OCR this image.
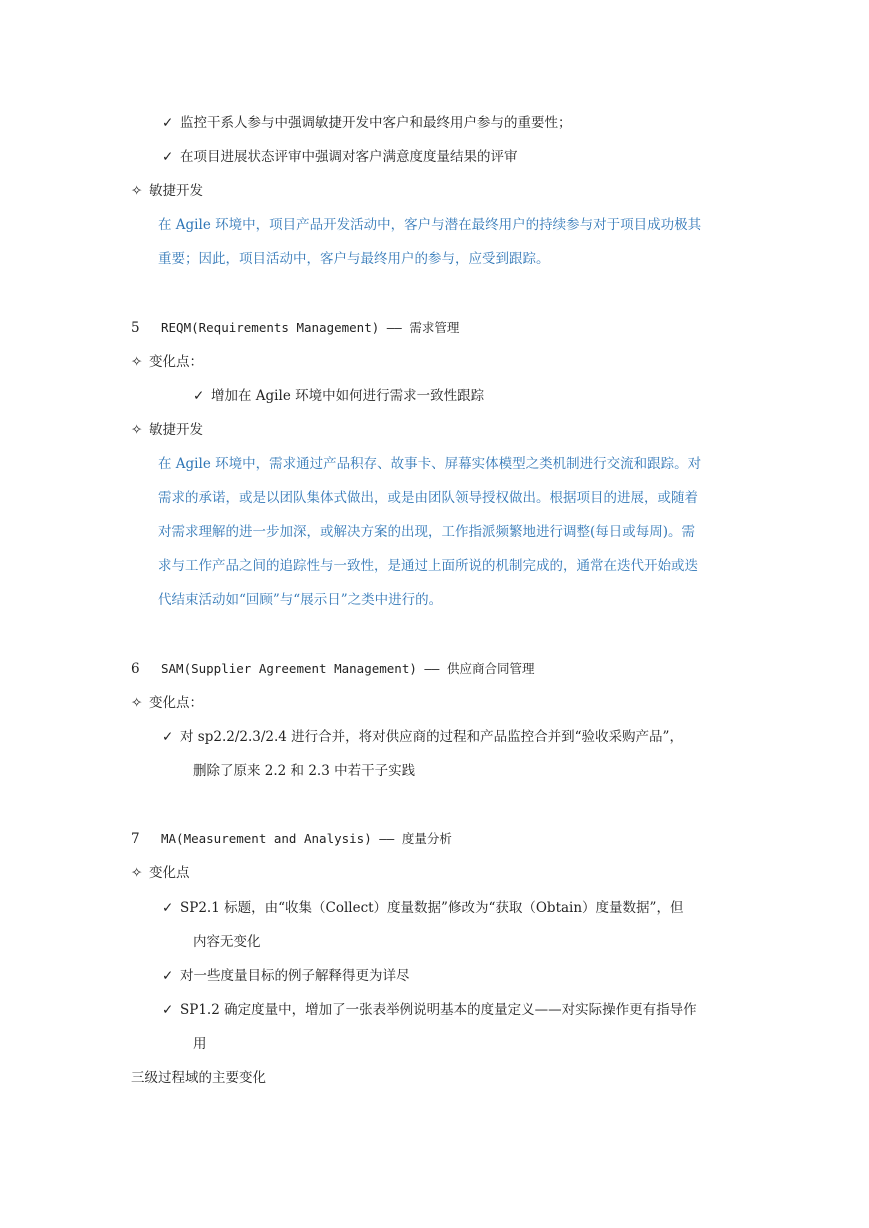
✓ 监控干系人参与中强调敏捷开发中客户和最终用户参与的重要性；
✓ 在项目进展状态评审中强调对客户满意度度量结果的评审
✧ 敏捷开发
在 Agile 环境中，项目产品开发活动中，客户与潜在最终用户的持续参与对于项目成功极其
重要；因此，项目活动中，客户与最终用户的参与，应受到跟踪。
5 REQM(Requirements Management) —— 需求管理
✧ 变化点：
✓ 增加在 Agile 环境中如何进行需求一致性跟踪
✧ 敏捷开发
在 Agile 环境中，需求通过产品积存、故事卡、屏幕实体模型之类机制进行交流和跟踪。对
需求的承诺，或是以团队集体式做出，或是由团队领导授权做出。根据项目的进展，或随着
对需求理解的进一步加深，或解决方案的出现，工作指派频繁地进行调整(每日或每周)。需
求与工作产品之间的追踪性与一致性，是通过上面所说的机制完成的，通常在迭代开始或迭
代结束活动如“回顾”与“展示日”之类中进行的。
6 SAM(Supplier Agreement Management) —— 供应商合同管理
✧ 变化点：
✓ 对 sp2.2/2.3/2.4 进行合并，将对供应商的过程和产品监控合并到“验收采购产品”，
删除了原来 2.2 和 2.3 中若干子实践
7 MA(Measurement and Analysis) —— 度量分析
✧ 变化点
✓ SP2.1 标题，由“收集（Collect）度量数据”修改为“获取（Obtain）度量数据”，但
内容无变化
✓ 对一些度量目标的例子解释得更为详尽
✓ SP1.2 确定度量中，增加了一张表举例说明基本的度量定义——对实际操作更有指导作
用
三级过程域的主要变化
